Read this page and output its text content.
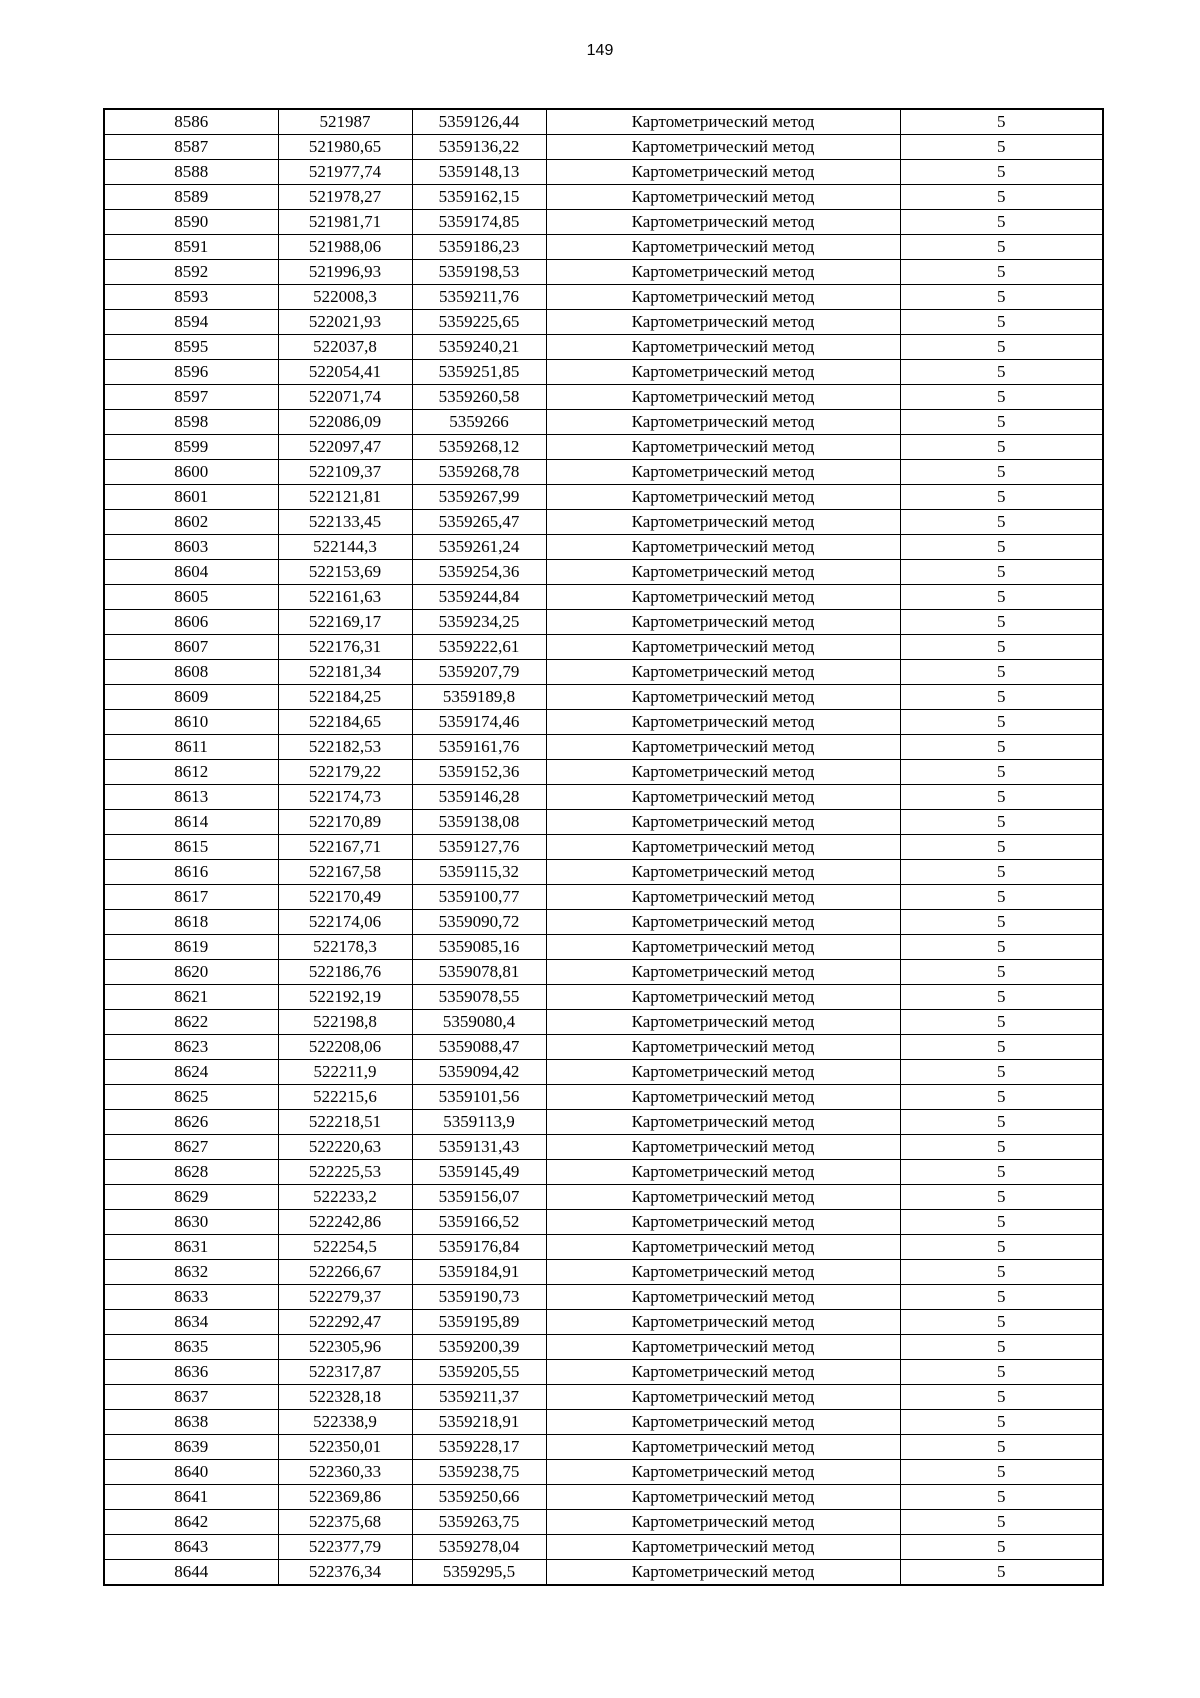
149
8586	521987	5359126,44	Картометрический метод	5
8587	521980,65	5359136,22	Картометрический метод	5
8588	521977,74	5359148,13	Картометрический метод	5
8589	521978,27	5359162,15	Картометрический метод	5
8590	521981,71	5359174,85	Картометрический метод	5
8591	521988,06	5359186,23	Картометрический метод	5
8592	521996,93	5359198,53	Картометрический метод	5
8593	522008,3	5359211,76	Картометрический метод	5
8594	522021,93	5359225,65	Картометрический метод	5
8595	522037,8	5359240,21	Картометрический метод	5
8596	522054,41	5359251,85	Картометрический метод	5
8597	522071,74	5359260,58	Картометрический метод	5
8598	522086,09	5359266	Картометрический метод	5
8599	522097,47	5359268,12	Картометрический метод	5
8600	522109,37	5359268,78	Картометрический метод	5
8601	522121,81	5359267,99	Картометрический метод	5
8602	522133,45	5359265,47	Картометрический метод	5
8603	522144,3	5359261,24	Картометрический метод	5
8604	522153,69	5359254,36	Картометрический метод	5
8605	522161,63	5359244,84	Картометрический метод	5
8606	522169,17	5359234,25	Картометрический метод	5
8607	522176,31	5359222,61	Картометрический метод	5
8608	522181,34	5359207,79	Картометрический метод	5
8609	522184,25	5359189,8	Картометрический метод	5
8610	522184,65	5359174,46	Картометрический метод	5
8611	522182,53	5359161,76	Картометрический метод	5
8612	522179,22	5359152,36	Картометрический метод	5
8613	522174,73	5359146,28	Картометрический метод	5
8614	522170,89	5359138,08	Картометрический метод	5
8615	522167,71	5359127,76	Картометрический метод	5
8616	522167,58	5359115,32	Картометрический метод	5
8617	522170,49	5359100,77	Картометрический метод	5
8618	522174,06	5359090,72	Картометрический метод	5
8619	522178,3	5359085,16	Картометрический метод	5
8620	522186,76	5359078,81	Картометрический метод	5
8621	522192,19	5359078,55	Картометрический метод	5
8622	522198,8	5359080,4	Картометрический метод	5
8623	522208,06	5359088,47	Картометрический метод	5
8624	522211,9	5359094,42	Картометрический метод	5
8625	522215,6	5359101,56	Картометрический метод	5
8626	522218,51	5359113,9	Картометрический метод	5
8627	522220,63	5359131,43	Картометрический метод	5
8628	522225,53	5359145,49	Картометрический метод	5
8629	522233,2	5359156,07	Картометрический метод	5
8630	522242,86	5359166,52	Картометрический метод	5
8631	522254,5	5359176,84	Картометрический метод	5
8632	522266,67	5359184,91	Картометрический метод	5
8633	522279,37	5359190,73	Картометрический метод	5
8634	522292,47	5359195,89	Картометрический метод	5
8635	522305,96	5359200,39	Картометрический метод	5
8636	522317,87	5359205,55	Картометрический метод	5
8637	522328,18	5359211,37	Картометрический метод	5
8638	522338,9	5359218,91	Картометрический метод	5
8639	522350,01	5359228,17	Картометрический метод	5
8640	522360,33	5359238,75	Картометрический метод	5
8641	522369,86	5359250,66	Картометрический метод	5
8642	522375,68	5359263,75	Картометрический метод	5
8643	522377,79	5359278,04	Картометрический метод	5
8644	522376,34	5359295,5	Картометрический метод	5
